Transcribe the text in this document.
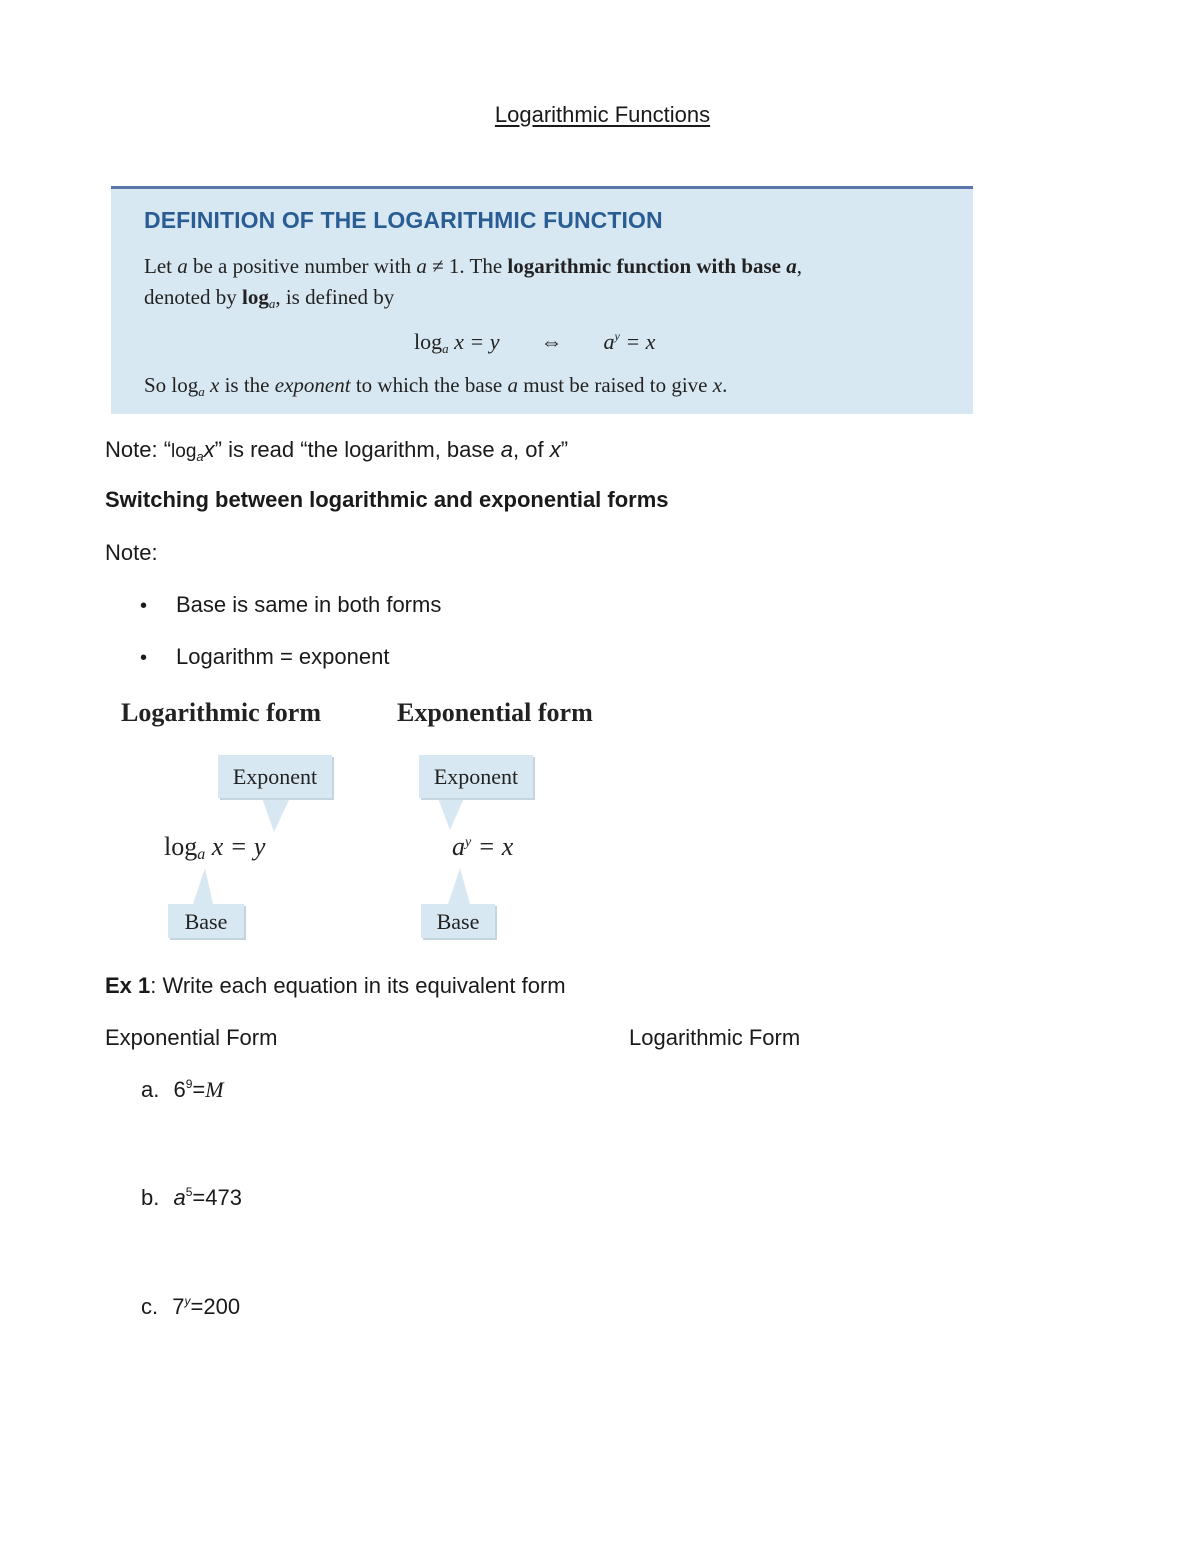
Logarithmic Functions
DEFINITION OF THE LOGARITHMIC FUNCTION
Let a be a positive number with a ≠ 1. The logarithmic function with base a,
denoted by $\log_a$, is defined by
$\log_a x = y$ ⇔ $a^y = x$
So $\log_a x$ is the exponent to which the base a must be raised to give x.
Note: “$\log_ax$” is read “the logarithm, base a, of x”
Switching between logarithmic and exponential forms
Note:
• Base is same in both forms
• Logarithm = exponent
Logarithmic form	Exponential form
Exponent
Base
Exponent
Base
$\log_a x = y$	$a^y = x$
Ex 1: Write each equation in its equivalent form
Exponential Form	Logarithmic Form
a. $6^9=M$
b. $a^5=473$
c. $7^y=200$
